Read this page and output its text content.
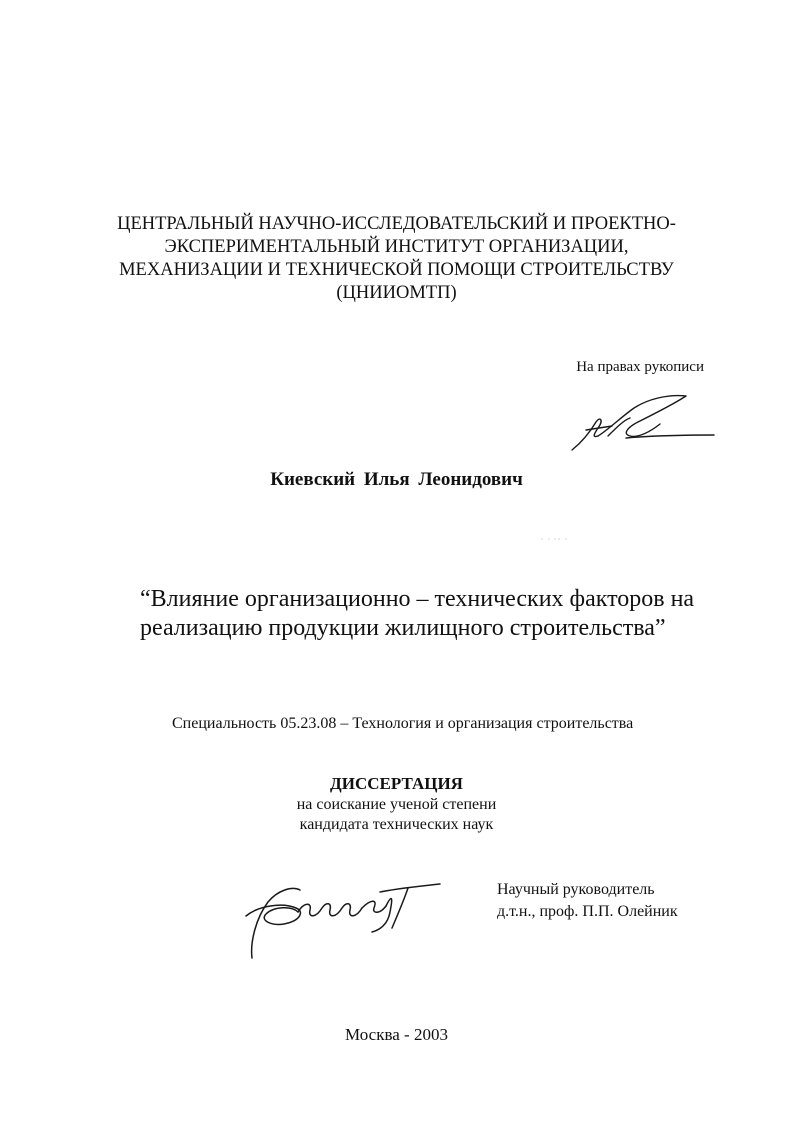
ЦЕНТРАЛЬНЫЙ НАУЧНО-ИССЛЕДОВАТЕЛЬСКИЙ И ПРОЕКТНО-
ЭКСПЕРИМЕНТАЛЬНЫЙ ИНСТИТУТ ОРГАНИЗАЦИИ,
МЕХАНИЗАЦИИ И ТЕХНИЧЕСКОЙ ПОМОЩИ СТРОИТЕЛЬСТВУ
(ЦНИИОМТП)
На правах рукописи
Киевский Илья Леонидович
“Влияние организационно – технических факторов на
реализацию продукции жилищного строительства”
Специальность 05.23.08 – Технология и организация строительства
ДИССЕРТАЦИЯ
на соискание ученой степени
кандидата технических наук
Научный руководитель
д.т.н., проф. П.П. Олейник
Москва - 2003
